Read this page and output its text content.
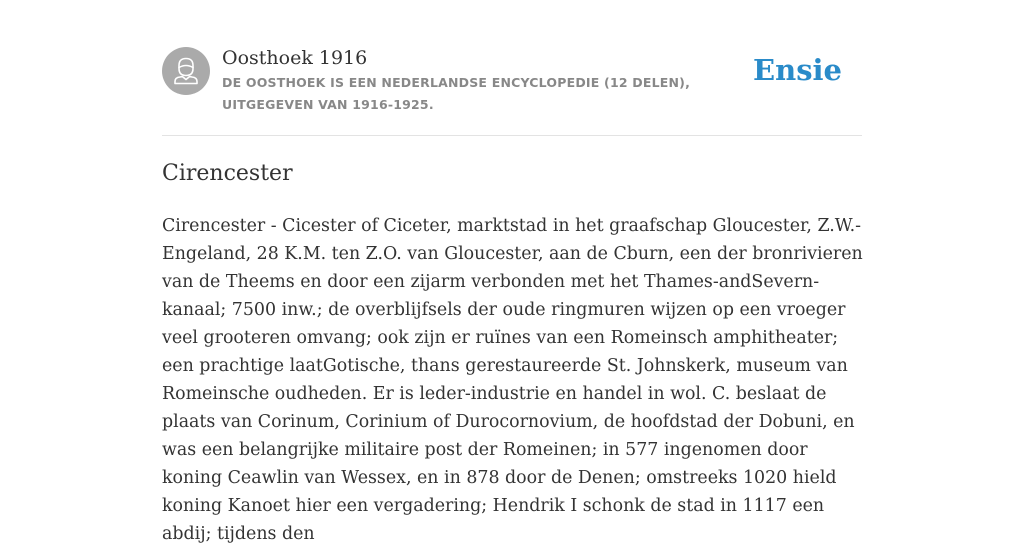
Oosthoek 1916
DE OOSTHOEK IS EEN NEDERLANDSE ENCYCLOPEDIE (12 DELEN), UITGEGEVEN VAN 1916-1925.
Ensie
Cirencester

Cirencester - Cicester of Ciceter, marktstad in het graafschap Gloucester, Z.W.-Engeland, 28 K.M. ten Z.O. van Gloucester, aan de Cburn, een der bronrivieren van de Theems en door een zijarm verbonden met het Thames-andSevern-kanaal; 7500 inw.; de overblijfsels der oude ringmuren wijzen op een vroeger veel grooteren omvang; ook zijn er ruïnes van een Romeinsch amphitheater; een prachtige laatGotische, thans gerestaureerde St. Johnskerk, museum van Romeinsche oudheden. Er is leder-industrie en handel in wol. C. beslaat de plaats van Corinum, Corinium of Durocornovium, de hoofdstad der Dobuni, en was een belangrijke militaire post der Romeinen; in 577 ingenomen door koning Ceawlin van Wessex, en in 878 door de Denen; omstreeks 1020 hield koning Kanoet hier een vergadering; Hendrik I schonk de stad in 1117 een abdij; tijdens den
